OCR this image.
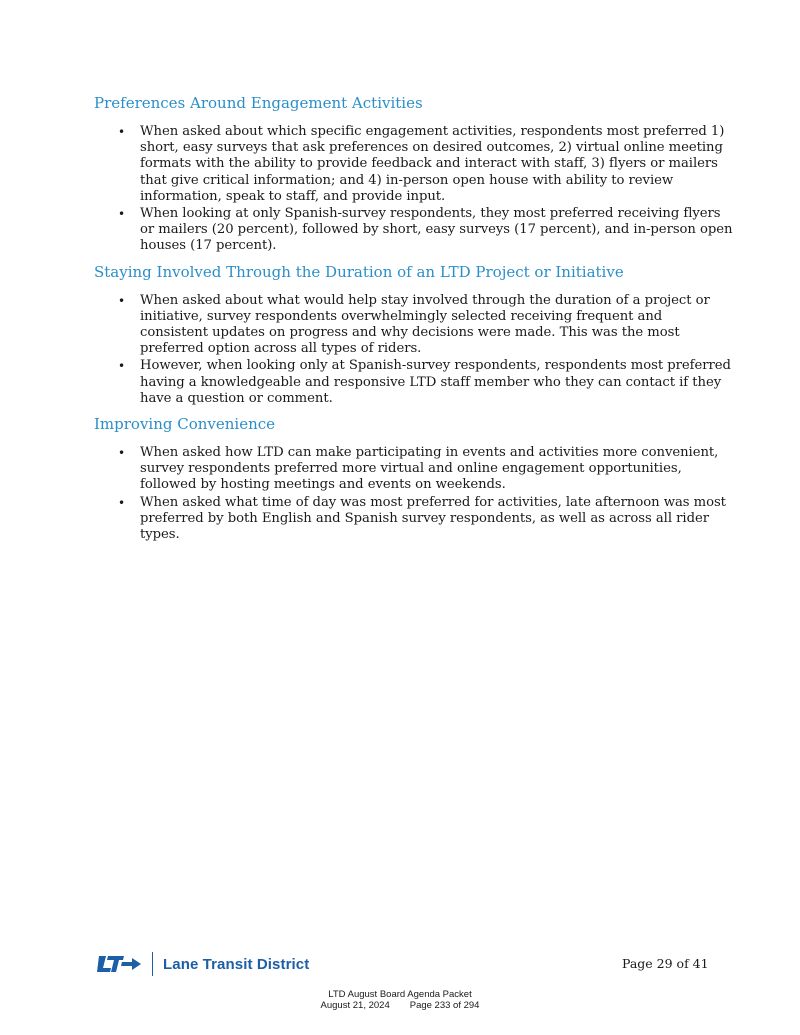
Preferences Around Engagement Activities
• When asked about which specific engagement activities, respondents most preferred 1) short, easy surveys that ask preferences on desired outcomes, 2) virtual online meeting formats with the ability to provide feedback and interact with staff, 3) flyers or mailers that give critical information; and 4) in-person open house with ability to review information, speak to staff, and provide input.
• When looking at only Spanish-survey respondents, they most preferred receiving flyers or mailers (20 percent), followed by short, easy surveys (17 percent), and in-person open houses (17 percent).
Staying Involved Through the Duration of an LTD Project or Initiative
• When asked about what would help stay involved through the duration of a project or initiative, survey respondents overwhelmingly selected receiving frequent and consistent updates on progress and why decisions were made. This was the most preferred option across all types of riders.
• However, when looking only at Spanish-survey respondents, respondents most preferred having a knowledgeable and responsive LTD staff member who they can contact if they have a question or comment.
Improving Convenience
• When asked how LTD can make participating in events and activities more convenient, survey respondents preferred more virtual and online engagement opportunities, followed by hosting meetings and events on weekends.
• When asked what time of day was most preferred for activities, late afternoon was most preferred by both English and Spanish survey respondents, as well as across all rider types.
Lane Transit District	Page 29 of 41
LTD August Board Agenda Packet
August 21, 2024 Page 233 of 294
